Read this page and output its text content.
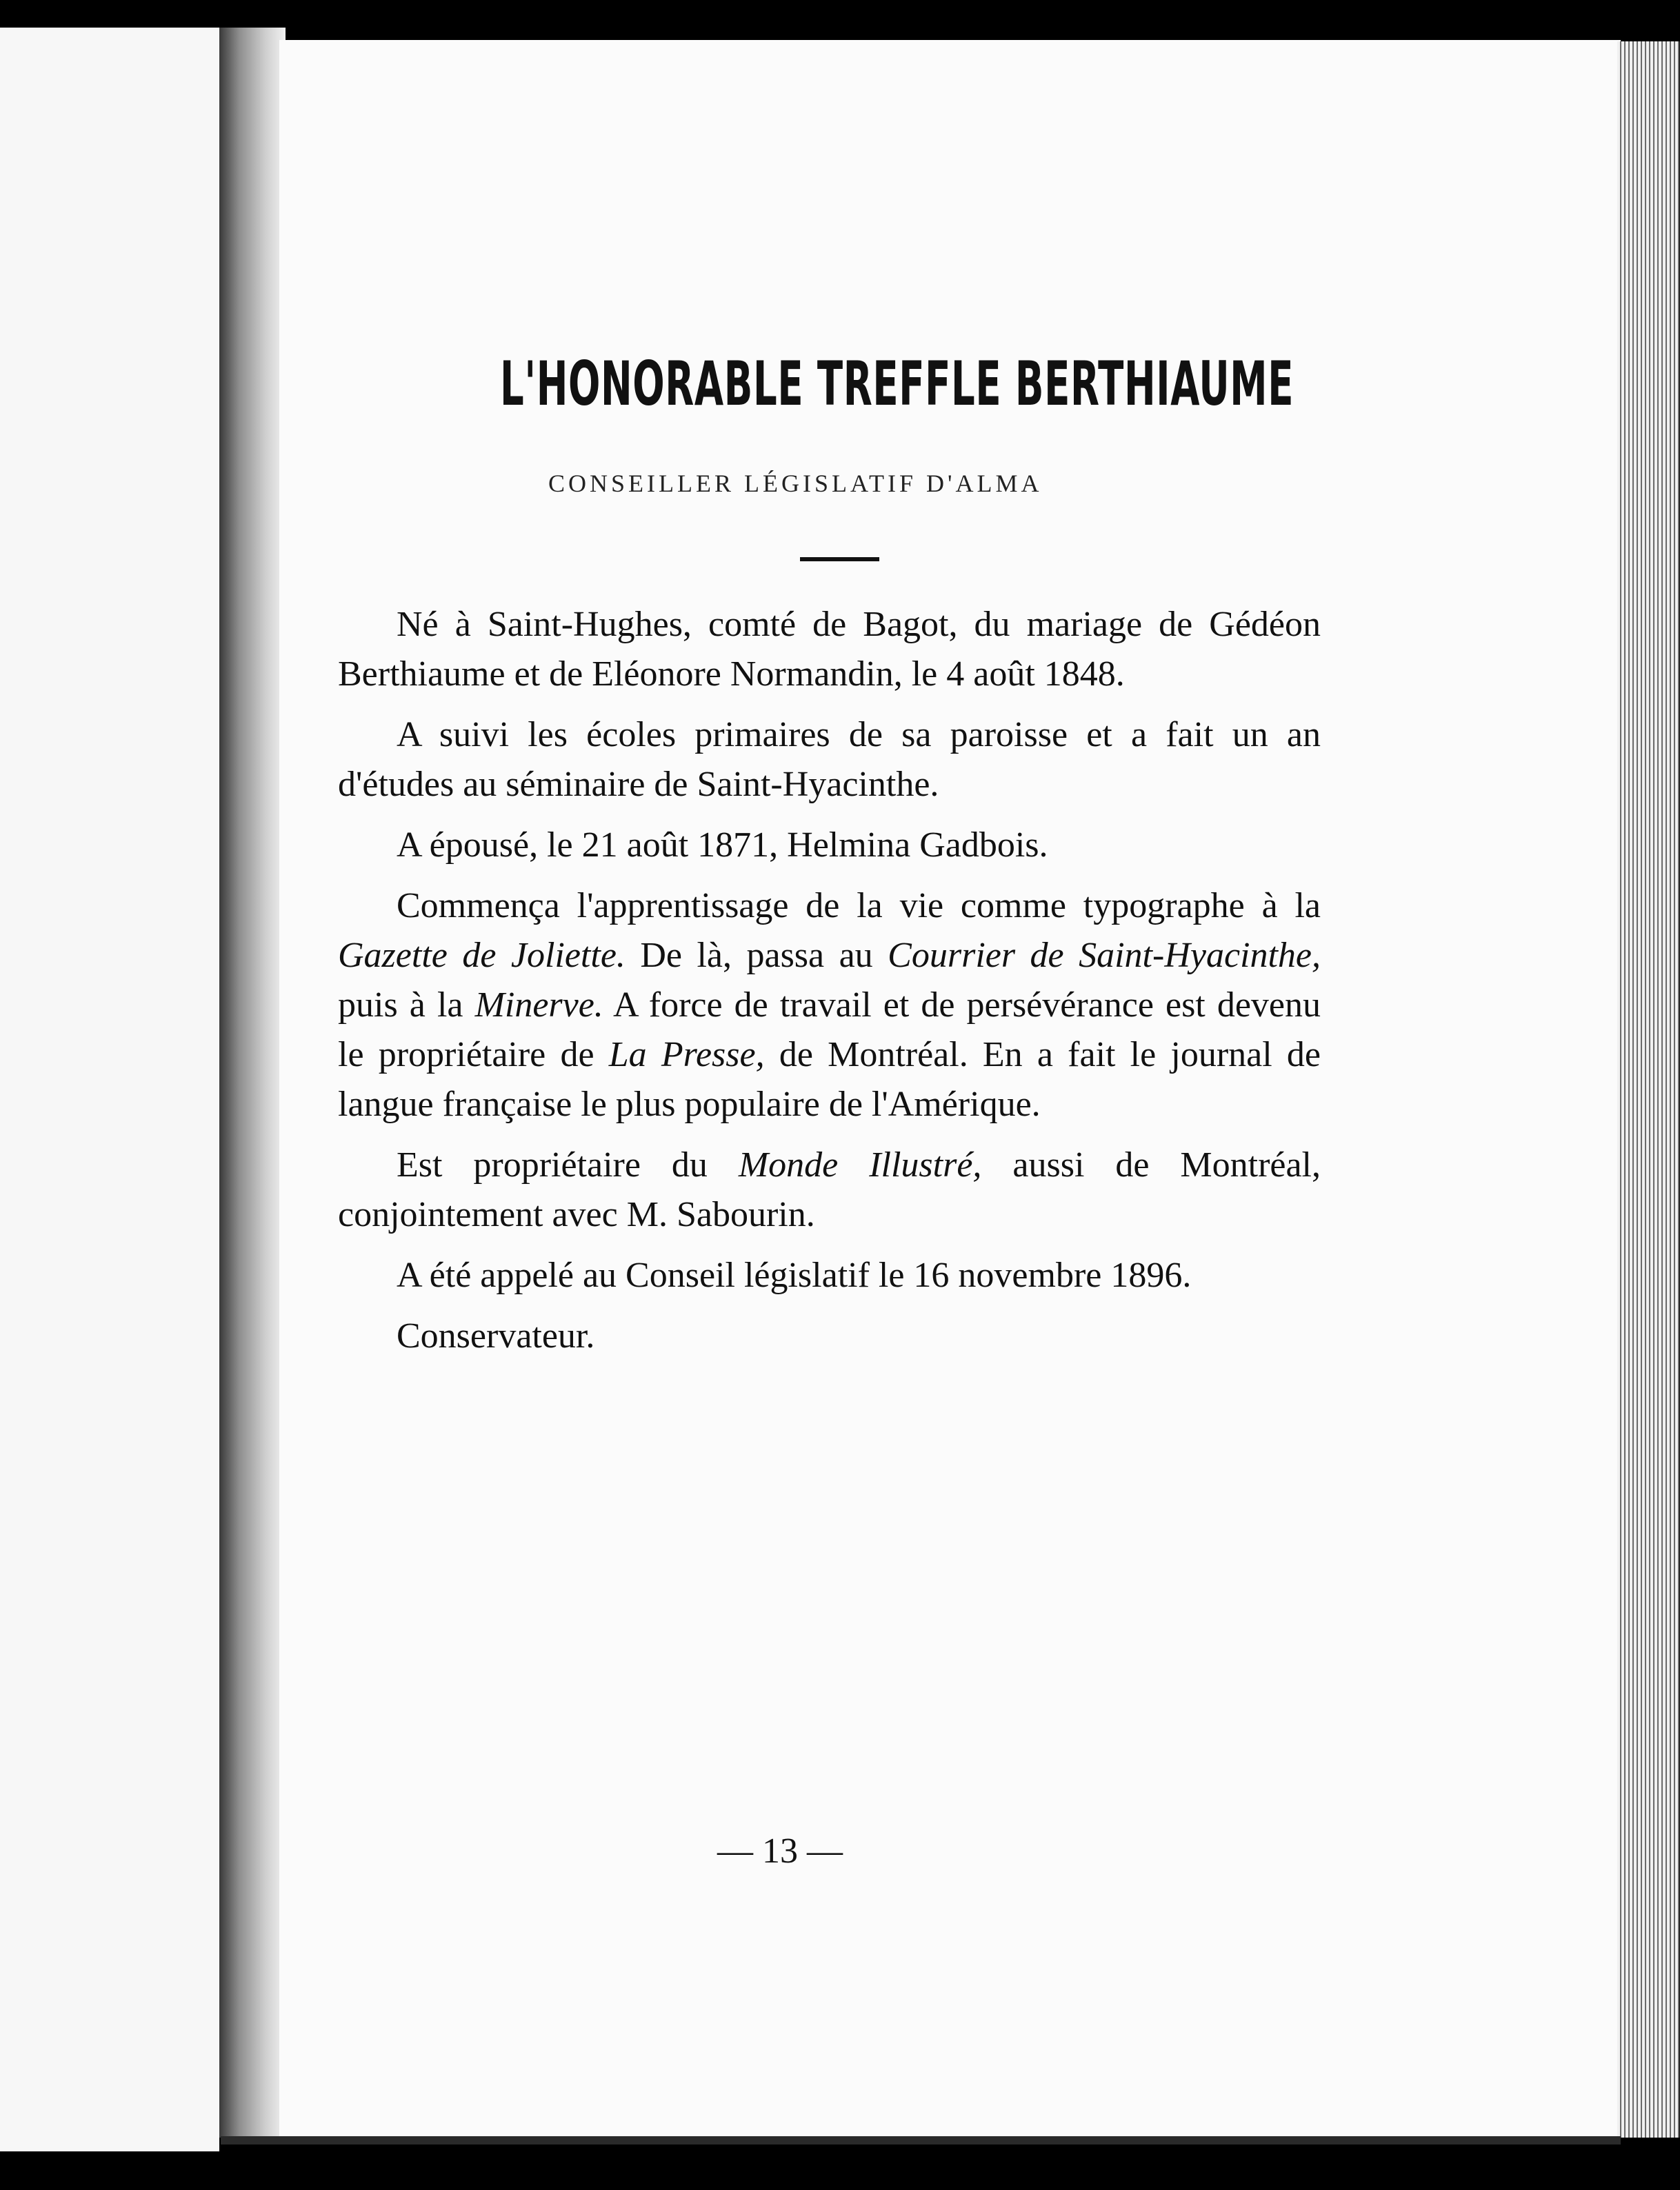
L'HONORABLE TREFFLE BERTHIAUME
CONSEILLER LÉGISLATIF D'ALMA

Né à Saint-Hughes, comté de Bagot, du mariage de Gédéon Berthiaume et de Eléonore Normandin, le 4 août 1848.

A suivi les écoles primaires de sa paroisse et a fait un an d'études au séminaire de Saint-Hyacinthe.

A épousé, le 21 août 1871, Helmina Gadbois.

Commença l'apprentissage de la vie comme typographe à la Gazette de Joliette. De là, passa au Courrier de Saint-Hyacinthe, puis à la Minerve. A force de travail et de persévérance est devenu le propriétaire de La Presse, de Montréal. En a fait le journal de langue française le plus populaire de l'Amérique.

Est propriétaire du Monde Illustré, aussi de Montréal, conjointement avec M. Sabourin.

A été appelé au Conseil législatif le 16 novembre 1896.

Conservateur.

— 13 —
